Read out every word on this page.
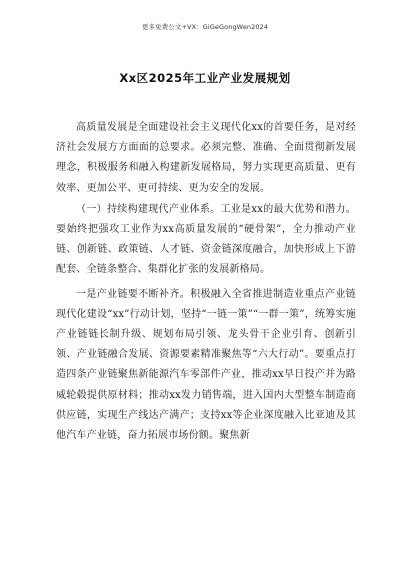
更多免费公文+VX：GiGeGongWen2024
Xx区2025年工业产业发展规划

高质量发展是全面建设社会主义现代化xx的首要任务，是对经济社会发展方方面面的总要求。必须完整、准确、全面贯彻新发展理念，积极服务和融入构建新发展格局，努力实现更高质量、更有效率、更加公平、更可持续、更为安全的发展。

（一）持续构建现代产业体系。工业是xx的最大优势和潜力。要始终把强攻工业作为xx高质量发展的“硬骨架”，全力推动产业链、创新链、政策链、人才链、资金链深度融合，加快形成上下游配套、全链条整合、集群化扩张的发展新格局。

一是产业链要不断补齐。积极融入全省推进制造业重点产业链现代化建设“xx”行动计划，坚持“一链一策”“一群一策”，统筹实施产业链链长制升级、规划布局引领、龙头骨干企业引育、创新引领、产业链融合发展、资源要素精准聚焦等“六大行动”。要重点打造四条产业链聚焦新能源汽车零部件产业，推动xx早日投产并为路威轮毂提供原材料；推动xx发力销售端，进入国内大型整车制造商供应链，实现生产线达产满产；支持xx等企业深度融入比亚迪及其他汽车产业链，奋力拓展市场份额。聚焦新
